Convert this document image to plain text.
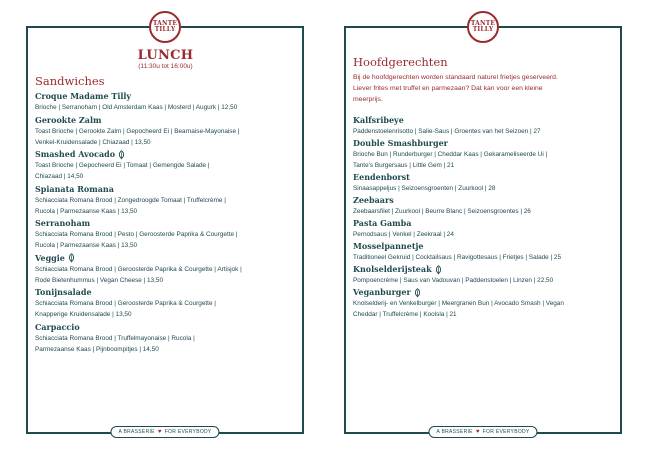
TANTE
TILLY
LUNCH
(11:30u tot 16:00u)
Sandwiches
Croque Madame Tilly
Brioche | Serranoham | Old Amsterdam Kaas | Mosterd | Augurk | 12,50
Gerookte Zalm
Toast Brioche | Gerookte Zalm | Gepocheerd Ei | Bearnaise-Mayonaise |
Venkel-Kruidensalade | Chiazaad | 13,50
Smashed Avocado
Toast Brioche | Gepocheerd Ei | Tomaat | Gemengde Salade |
Chiazaad | 14,50
Spianata Romana
Schiacciata Romana Brood | Zongedroogde Tomaat | Truffelcrème |
Rucola | Parmezaanse Kaas | 13,50
Serranoham
Schiacciata Romana Brood | Pesto | Geroosterde Paprika & Courgette |
Rucola | Parmezaanse Kaas | 13,50
Veggie
Schiacciata Romana Brood | Geroosterde Paprika & Courgette | Artisjok |
Rode Bietenhummus | Vegan Cheese | 13,50
Tonijnsalade
Schiacciata Romana Brood | Geroosterde Paprika & Courgette |
Knapperige Kruidensalade | 13,50
Carpaccio
Schiacciata Romana Brood | Truffelmayonaise | Rucola |
Parmezaanse Kaas | Pijnboompitjes | 14,50
A BRASSERIE ♥ FOR EVERYBODY
TANTE
TILLY
Hoofdgerechten
Bij de hoofdgerechten worden standaard naturel frietjes geserveerd.
Liever frites met truffel en parmezaan? Dat kan voor een kleine
meerprijs.
Kalfsribeye
Paddenstoelenrisotto | Salie-Saus | Groentes van het Seizoen | 27
Double Smashburger
Brioche Bun | Runderburger | Cheddar Kaas | Gekarameliseerde Ui |
Tante's Burgersaus | Little Gem | 21
Eendenborst
Sinaasappeljus | Seizoensgroenten | Zuurkool | 28
Zeebaars
Zeebaarsfilet | Zuurkool | Beurre Blanc | Seizoensgroentes | 26
Pasta Gamba
Pernodsaus | Venkel | Zeekraal | 24
Mosselpannetje
Traditioneel Gekruid | Cocktailsaus | Ravigottesaus | Frietjes | Salade | 25
Knolselderijsteak
Pompoencrème | Saus van Vadouvan | Paddenstoelen | Linzen | 22,50
Veganburger
Knolselderij- en Venkelburger | Meergranen Bun | Avocado Smash | Vegan
Cheddar | Truffelcrème | Koolsla | 21
A BRASSERIE ♥ FOR EVERYBODY
